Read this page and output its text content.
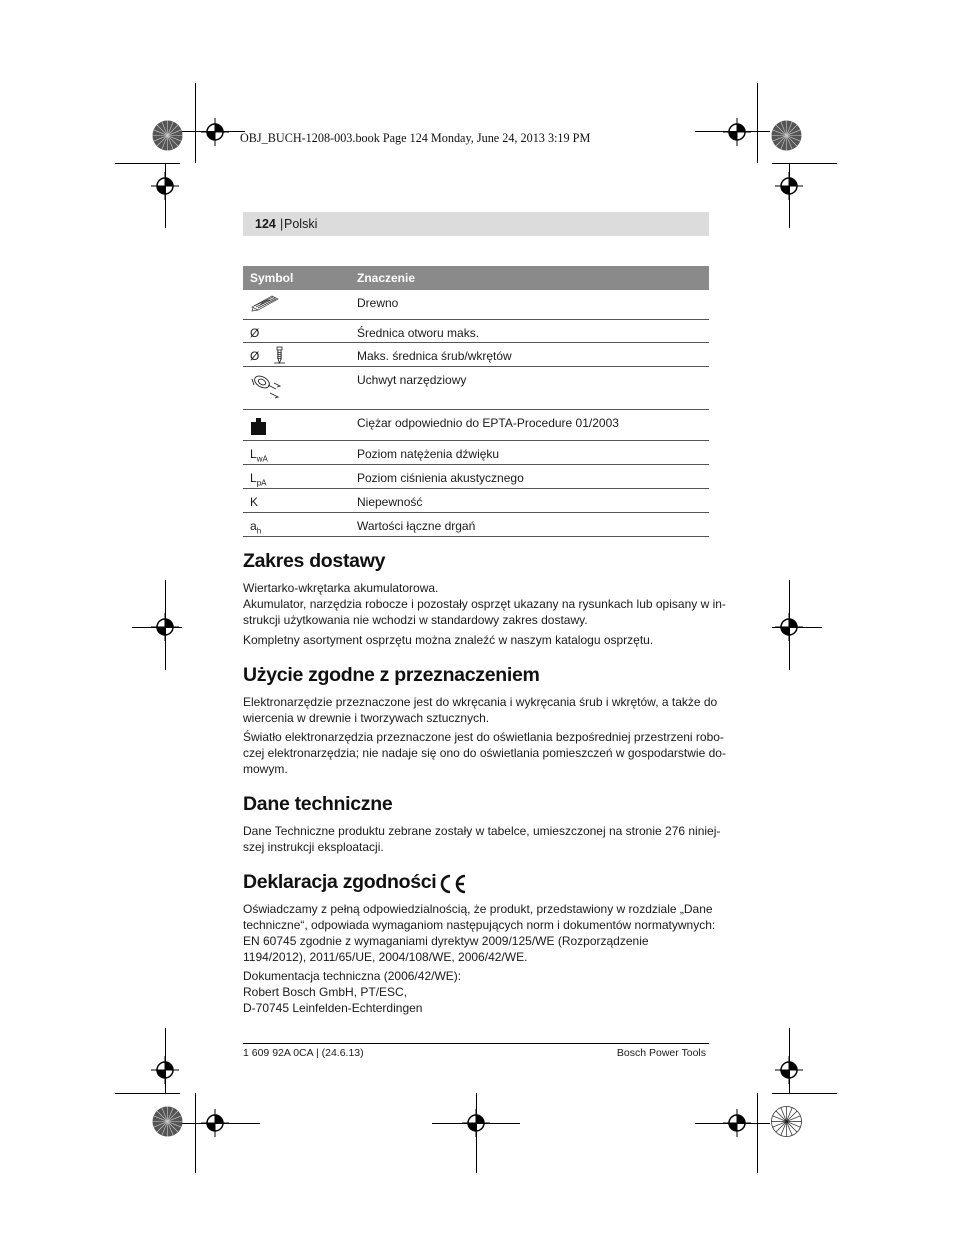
OBJ_BUCH-1208-003.book Page 124 Monday, June 24, 2013 3:19 PM
124 | Polski
Symbol	Znaczenie
	Drewno
Ø	Średnica otworu maks.
Ø	Maks. średnica śrub/wkrętów
	Uchwyt narzędziowy
	Ciężar odpowiednio do EPTA-Procedure 01/2003
$L_{wA}$	Poziom natężenia dźwięku
$L_{pA}$	Poziom ciśnienia akustycznego
K	Niepewność
$a_h$	Wartości łączne drgań
Zakres dostawy
Wiertarko-wkrętarka akumulatorowa.
Akumulator, narzędzia robocze i pozostały osprzęt ukazany na rysunkach lub opisany w in-
strukcji użytkowania nie wchodzi w standardowy zakres dostawy.
Kompletny asortyment osprzętu można znaleźć w naszym katalogu osprzętu.
Użycie zgodne z przeznaczeniem
Elektronarzędzie przeznaczone jest do wkręcania i wykręcania śrub i wkrętów, a także do
wiercenia w drewnie i tworzywach sztucznych.
Światło elektronarzędzia przeznaczone jest do oświetlania bezpośredniej przestrzeni robo-
czej elektronarzędzia; nie nadaje się ono do oświetlania pomieszczeń w gospodarstwie do-
mowym.
Dane techniczne
Dane Techniczne produktu zebrane zostały w tabelce, umieszczonej na stronie 276 niniej-
szej instrukcji eksploatacji.
Deklaracja zgodności
Oświadczamy z pełną odpowiedzialnością, że produkt, przedstawiony w rozdziale „Dane
techniczne“, odpowiada wymaganiom następujących norm i dokumentów normatywnych:
EN 60745 zgodnie z wymaganiami dyrektyw 2009/125/WE (Rozporządzenie
1194/2012), 2011/65/UE, 2004/108/WE, 2006/42/WE.
Dokumentacja techniczna (2006/42/WE):
Robert Bosch GmbH, PT/ESC,
D-70745 Leinfelden-Echterdingen
1 609 92A 0CA | (24.6.13)	Bosch Power Tools
